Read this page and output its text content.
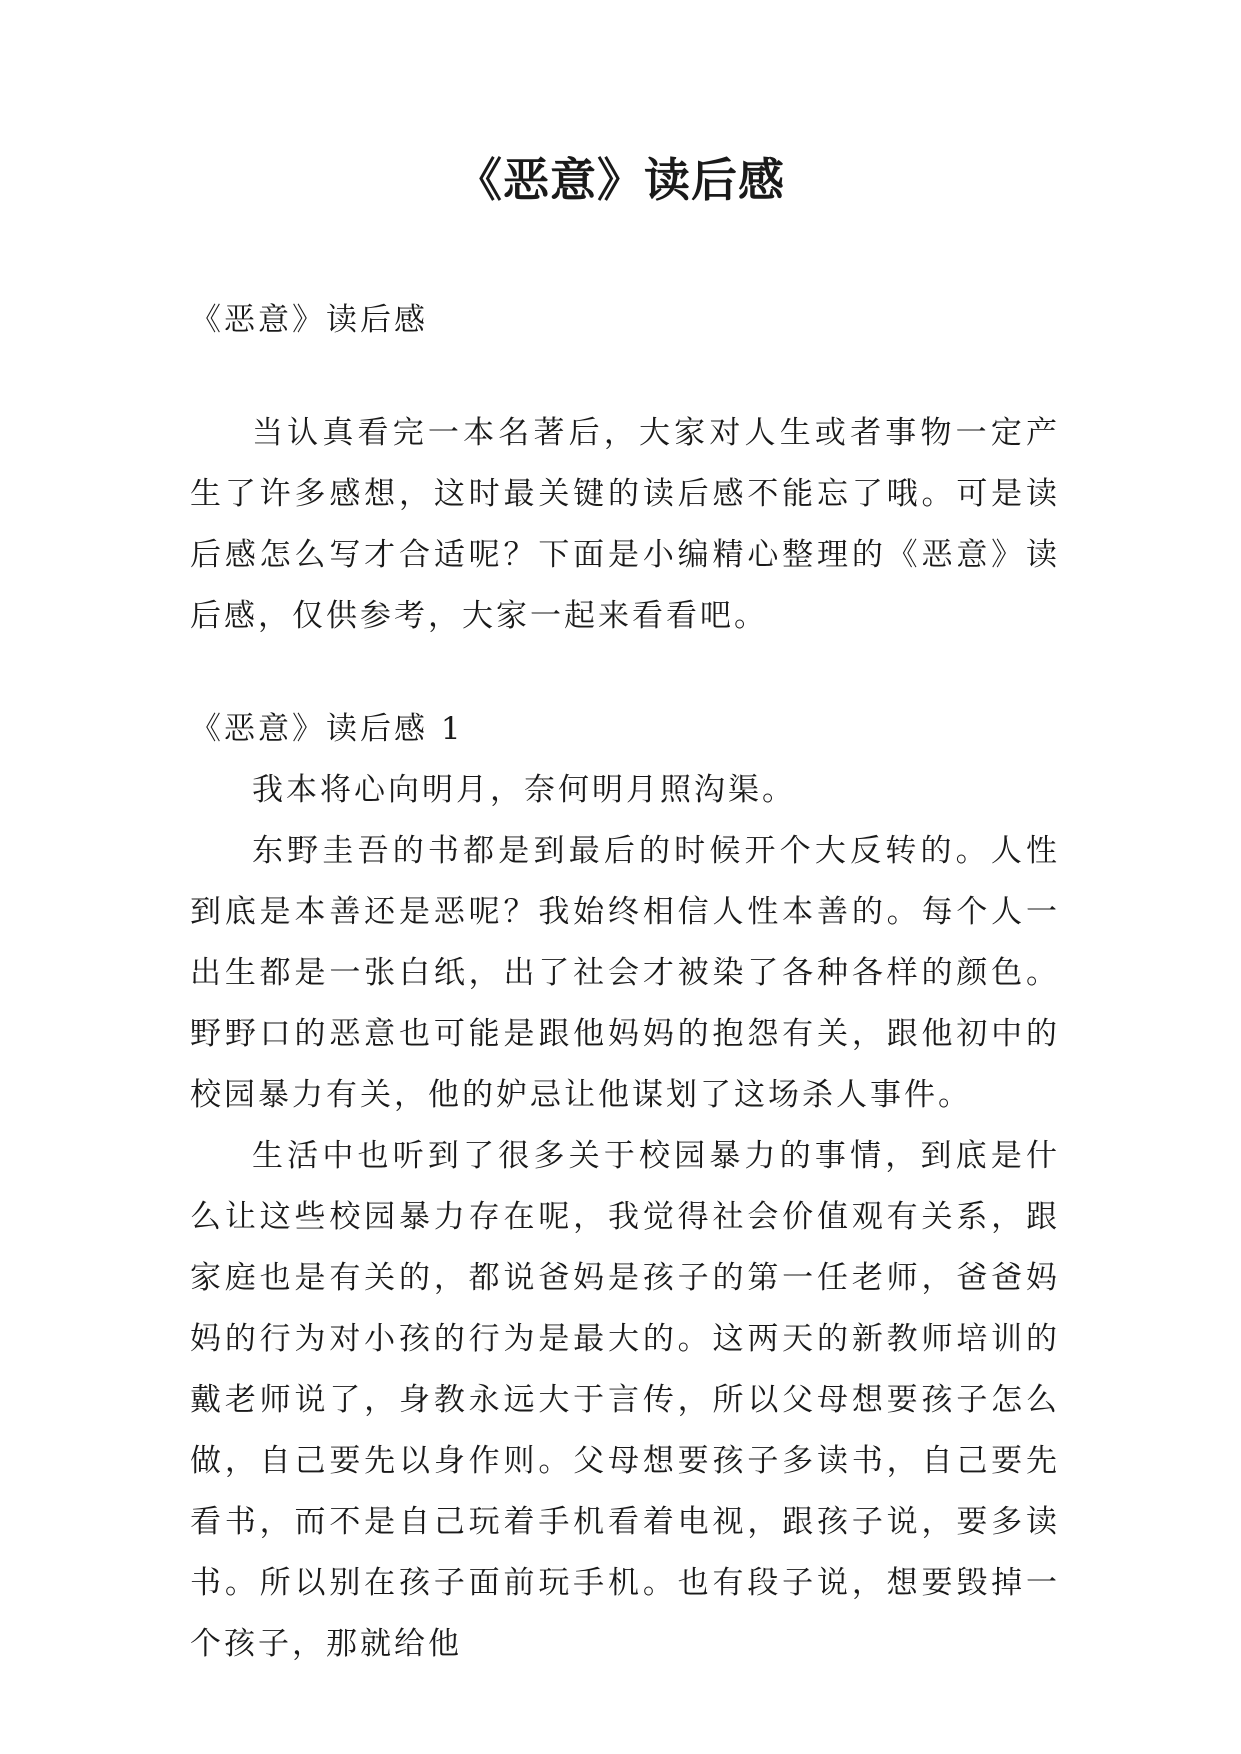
《恶意》读后感

《恶意》读后感

当认真看完一本名著后，大家对人生或者事物一定产生了许多感想，这时最关键的读后感不能忘了哦。可是读后感怎么写才合适呢？下面是小编精心整理的《恶意》读后感，仅供参考，大家一起来看看吧。

《恶意》读后感 1

我本将心向明月，奈何明月照沟渠。

东野圭吾的书都是到最后的时候开个大反转的。人性到底是本善还是恶呢？我始终相信人性本善的。每个人一出生都是一张白纸，出了社会才被染了各种各样的颜色。野野口的恶意也可能是跟他妈妈的抱怨有关，跟他初中的校园暴力有关，他的妒忌让他谋划了这场杀人事件。

生活中也听到了很多关于校园暴力的事情，到底是什么让这些校园暴力存在呢，我觉得社会价值观有关系，跟家庭也是有关的，都说爸妈是孩子的第一任老师，爸爸妈妈的行为对小孩的行为是最大的。这两天的新教师培训的戴老师说了，身教永远大于言传，所以父母想要孩子怎么做，自己要先以身作则。父母想要孩子多读书，自己要先看书，而不是自己玩着手机看着电视，跟孩子说，要多读书。所以别在孩子面前玩手机。也有段子说，想要毁掉一个孩子，那就给他
